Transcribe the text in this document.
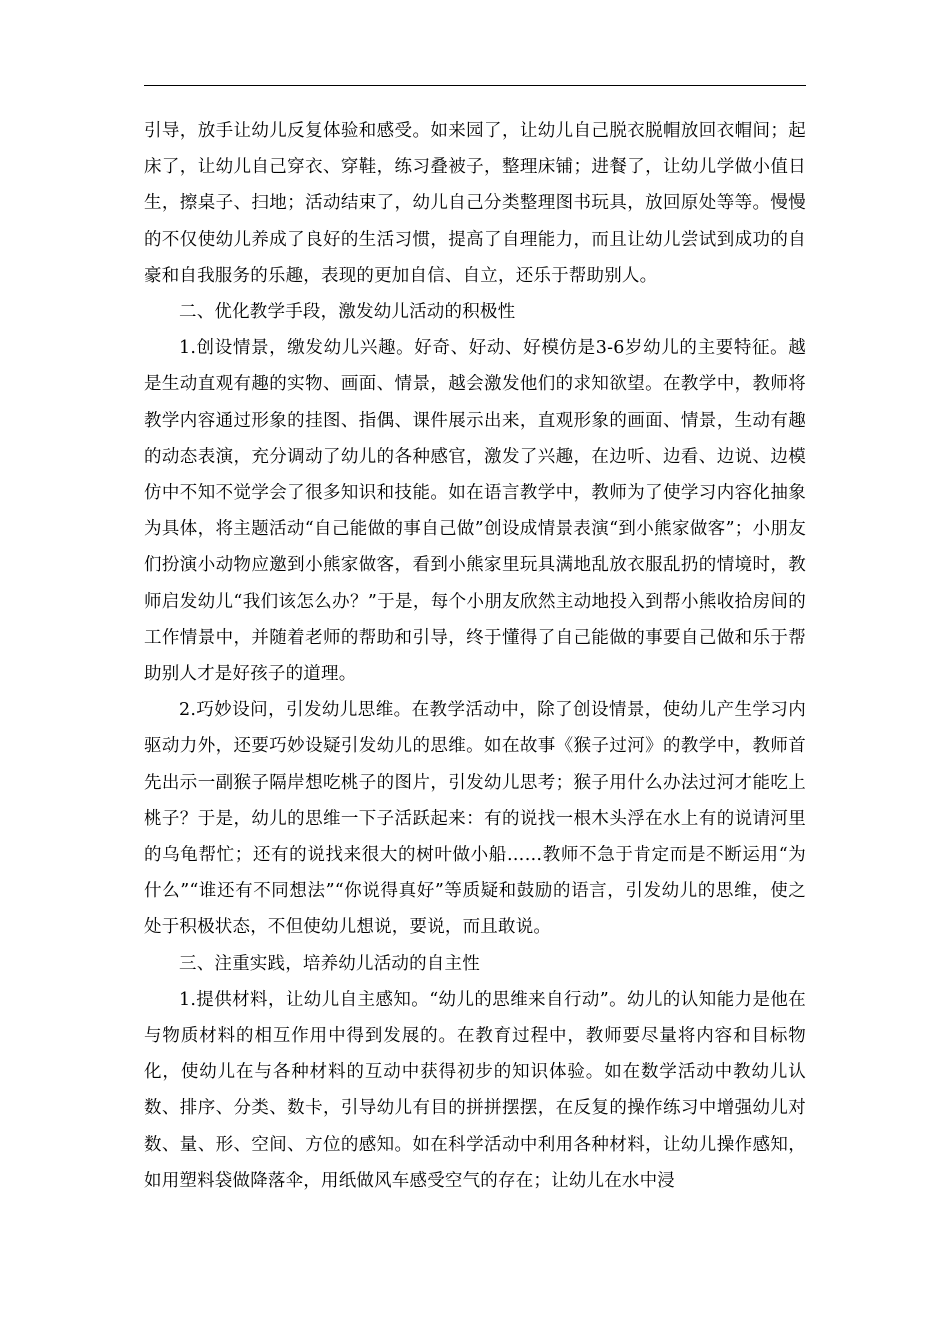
引导，放手让幼儿反复体验和感受。如来园了，让幼儿自己脱衣脱帽放回衣帽间；起床了，让幼儿自己穿衣、穿鞋，练习叠被子，整理床铺；进餐了，让幼儿学做小值日生，擦桌子、扫地；活动结束了，幼儿自己分类整理图书玩具，放回原处等等。慢慢的不仅使幼儿养成了良好的生活习惯，提高了自理能力，而且让幼儿尝试到成功的自豪和自我服务的乐趣，表现的更加自信、自立，还乐于帮助别人。

二、优化教学手段，激发幼儿活动的积极性

1.创设情景，缴发幼儿兴趣。好奇、好动、好模仿是3-6岁幼儿的主要特征。越是生动直观有趣的实物、画面、情景，越会激发他们的求知欲望。在教学中，教师将教学内容通过形象的挂图、指偶、课件展示出来，直观形象的画面、情景，生动有趣的动态表演，充分调动了幼儿的各种感官，激发了兴趣，在边听、边看、边说、边模仿中不知不觉学会了很多知识和技能。如在语言教学中，教师为了使学习内容化抽象为具体，将主题活动“自己能做的事自己做”创设成情景表演“到小熊家做客”；小朋友们扮演小动物应邀到小熊家做客，看到小熊家里玩具满地乱放衣服乱扔的情境时，教师启发幼儿“我们该怎么办？”于是，每个小朋友欣然主动地投入到帮小熊收拾房间的工作情景中，并随着老师的帮助和引导，终于懂得了自己能做的事要自己做和乐于帮助别人才是好孩子的道理。

2.巧妙设问，引发幼儿思维。在教学活动中，除了创设情景，使幼儿产生学习内驱动力外，还要巧妙设疑引发幼儿的思维。如在故事《猴子过河》的教学中，教师首先出示一副猴子隔岸想吃桃子的图片，引发幼儿思考；猴子用什么办法过河才能吃上桃子？于是，幼儿的思维一下子活跃起来：有的说找一根木头浮在水上有的说请河里的乌龟帮忙；还有的说找来很大的树叶做小船……教师不急于肯定而是不断运用“为什么”“谁还有不同想法”“你说得真好”等质疑和鼓励的语言，引发幼儿的思维，使之处于积极状态，不但使幼儿想说，要说，而且敢说。

三、注重实践，培养幼儿活动的自主性

1.提供材料，让幼儿自主感知。“幼儿的思维来自行动”。幼儿的认知能力是他在与物质材料的相互作用中得到发展的。在教育过程中，教师要尽量将内容和目标物化，使幼儿在与各种材料的互动中获得初步的知识体验。如在数学活动中教幼儿认数、排序、分类、数卡，引导幼儿有目的拼拼摆摆，在反复的操作练习中增强幼儿对数、量、形、空间、方位的感知。如在科学活动中利用各种材料，让幼儿操作感知，如用塑料袋做降落伞，用纸做风车感受空气的存在；让幼儿在水中浸
